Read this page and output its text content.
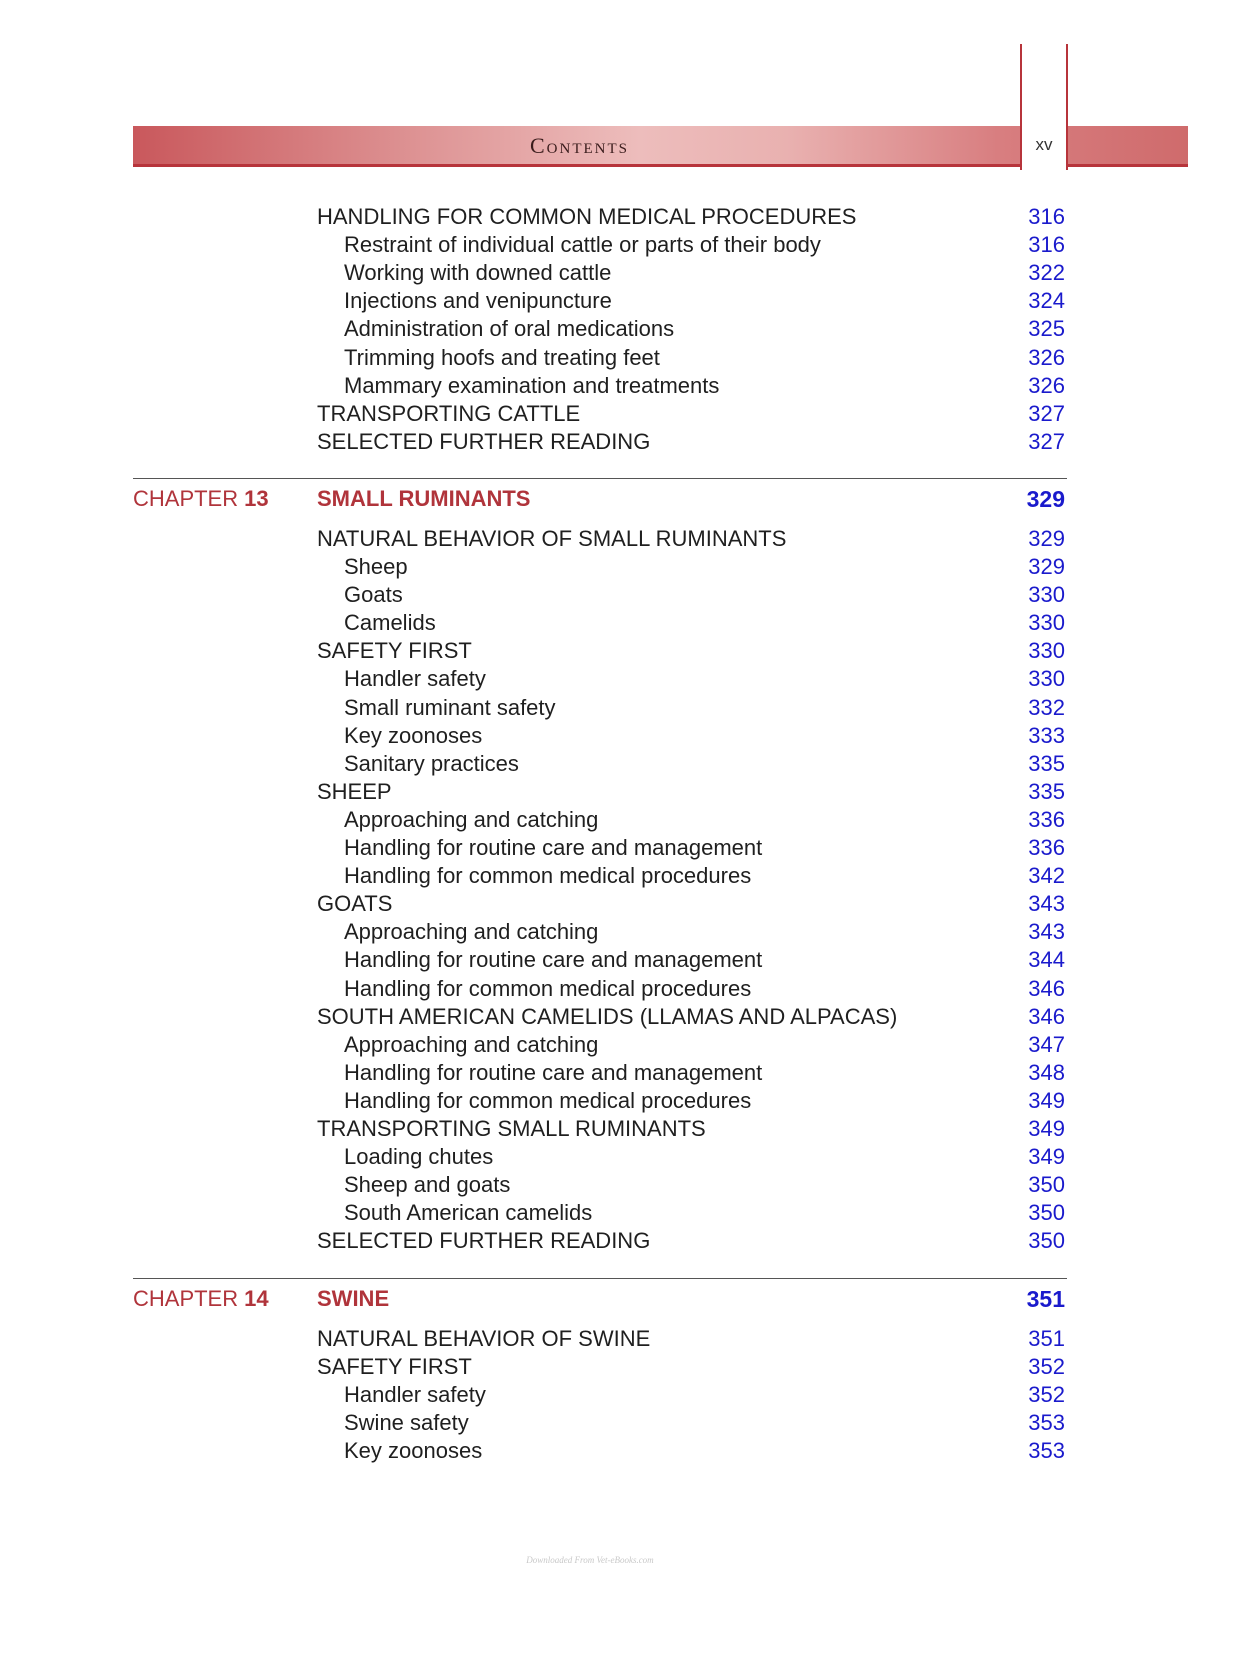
Contents	xv
HANDLING FOR COMMON MEDICAL PROCEDURES	316
Restraint of individual cattle or parts of their body	316
Working with downed cattle	322
Injections and venipuncture	324
Administration of oral medications	325
Trimming hoofs and treating feet	326
Mammary examination and treatments	326
TRANSPORTING CATTLE	327
SELECTED FURTHER READING	327
CHAPTER 13 SMALL RUMINANTS	329
NATURAL BEHAVIOR OF SMALL RUMINANTS	329
Sheep	329
Goats	330
Camelids	330
SAFETY FIRST	330
Handler safety	330
Small ruminant safety	332
Key zoonoses	333
Sanitary practices	335
SHEEP	335
Approaching and catching	336
Handling for routine care and management	336
Handling for common medical procedures	342
GOATS	343
Approaching and catching	343
Handling for routine care and management	344
Handling for common medical procedures	346
SOUTH AMERICAN CAMELIDS (LLAMAS AND ALPACAS)	346
Approaching and catching	347
Handling for routine care and management	348
Handling for common medical procedures	349
TRANSPORTING SMALL RUMINANTS	349
Loading chutes	349
Sheep and goats	350
South American camelids	350
SELECTED FURTHER READING	350
CHAPTER 14 SWINE	351
NATURAL BEHAVIOR OF SWINE	351
SAFETY FIRST	352
Handler safety	352
Swine safety	353
Key zoonoses	353
Downloaded From Vet-eBooks.com
